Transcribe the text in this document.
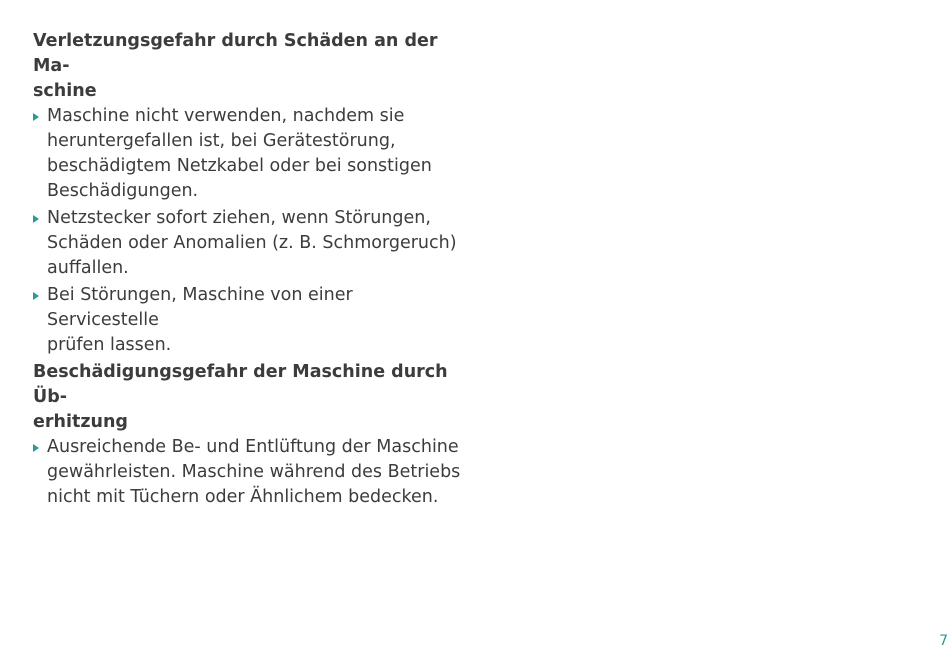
Verletzungsgefahr durch Schäden an der Ma-
schine

Maschine nicht verwenden, nachdem sie
heruntergefallen ist, bei Gerätestörung,
beschädigtem Netzkabel oder bei sonstigen
Beschädigungen.
Netzstecker sofort ziehen, wenn Störungen,
Schäden oder Anomalien (z. B. Schmorgeruch)
auffallen.
Bei Störungen, Maschine von einer Servicestelle
prüfen lassen.

Beschädigungsgefahr der Maschine durch Üb-
erhitzung

Ausreichende Be- und Entlüftung der Maschine
gewährleisten. Maschine während des Betriebs
nicht mit Tüchern oder Ähnlichem bedecken.
7
